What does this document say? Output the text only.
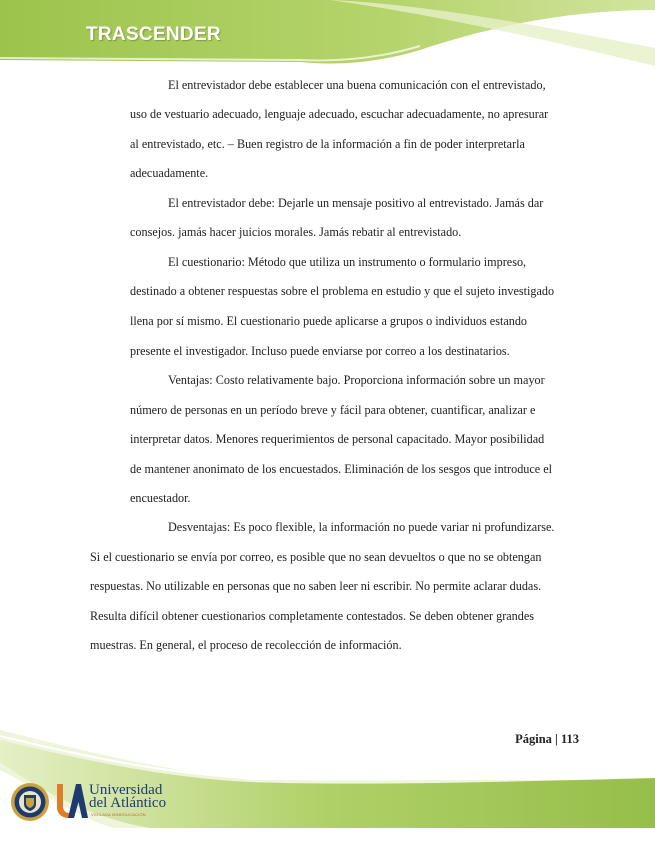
TRASCENDER
El entrevistador debe establecer una buena comunicación con el entrevistado,
uso de vestuario adecuado, lenguaje adecuado, escuchar adecuadamente, no apresurar
al entrevistado, etc. – Buen registro de la información a fin de poder interpretarla
adecuadamente.
El entrevistador debe: Dejarle un mensaje positivo al entrevistado. Jamás dar
consejos. jamás hacer juicios morales. Jamás rebatir al entrevistado.
El cuestionario: Método que utiliza un instrumento o formulario impreso,
destinado a obtener respuestas sobre el problema en estudio y que el sujeto investigado
llena por sí mismo. El cuestionario puede aplicarse a grupos o individuos estando
presente el investigador. Incluso puede enviarse por correo a los destinatarios.
Ventajas: Costo relativamente bajo. Proporciona información sobre un mayor
número de personas en un período breve y fácil para obtener, cuantificar, analizar e
interpretar datos. Menores requerimientos de personal capacitado. Mayor posibilidad
de mantener anonimato de los encuestados. Eliminación de los sesgos que introduce el
encuestador.
Desventajas: Es poco flexible, la información no puede variar ni profundizarse.
Si el cuestionario se envía por correo, es posible que no sean devueltos o que no se obtengan
respuestas. No utilizable en personas que no saben leer ni escribir. No permite aclarar dudas.
Resulta difícil obtener cuestionarios completamente contestados. Se deben obtener grandes
muestras. En general, el proceso de recolección de información.
Página | 113
Universidad
del Atlántico
VIGILADA MINEDUCACIÓN
